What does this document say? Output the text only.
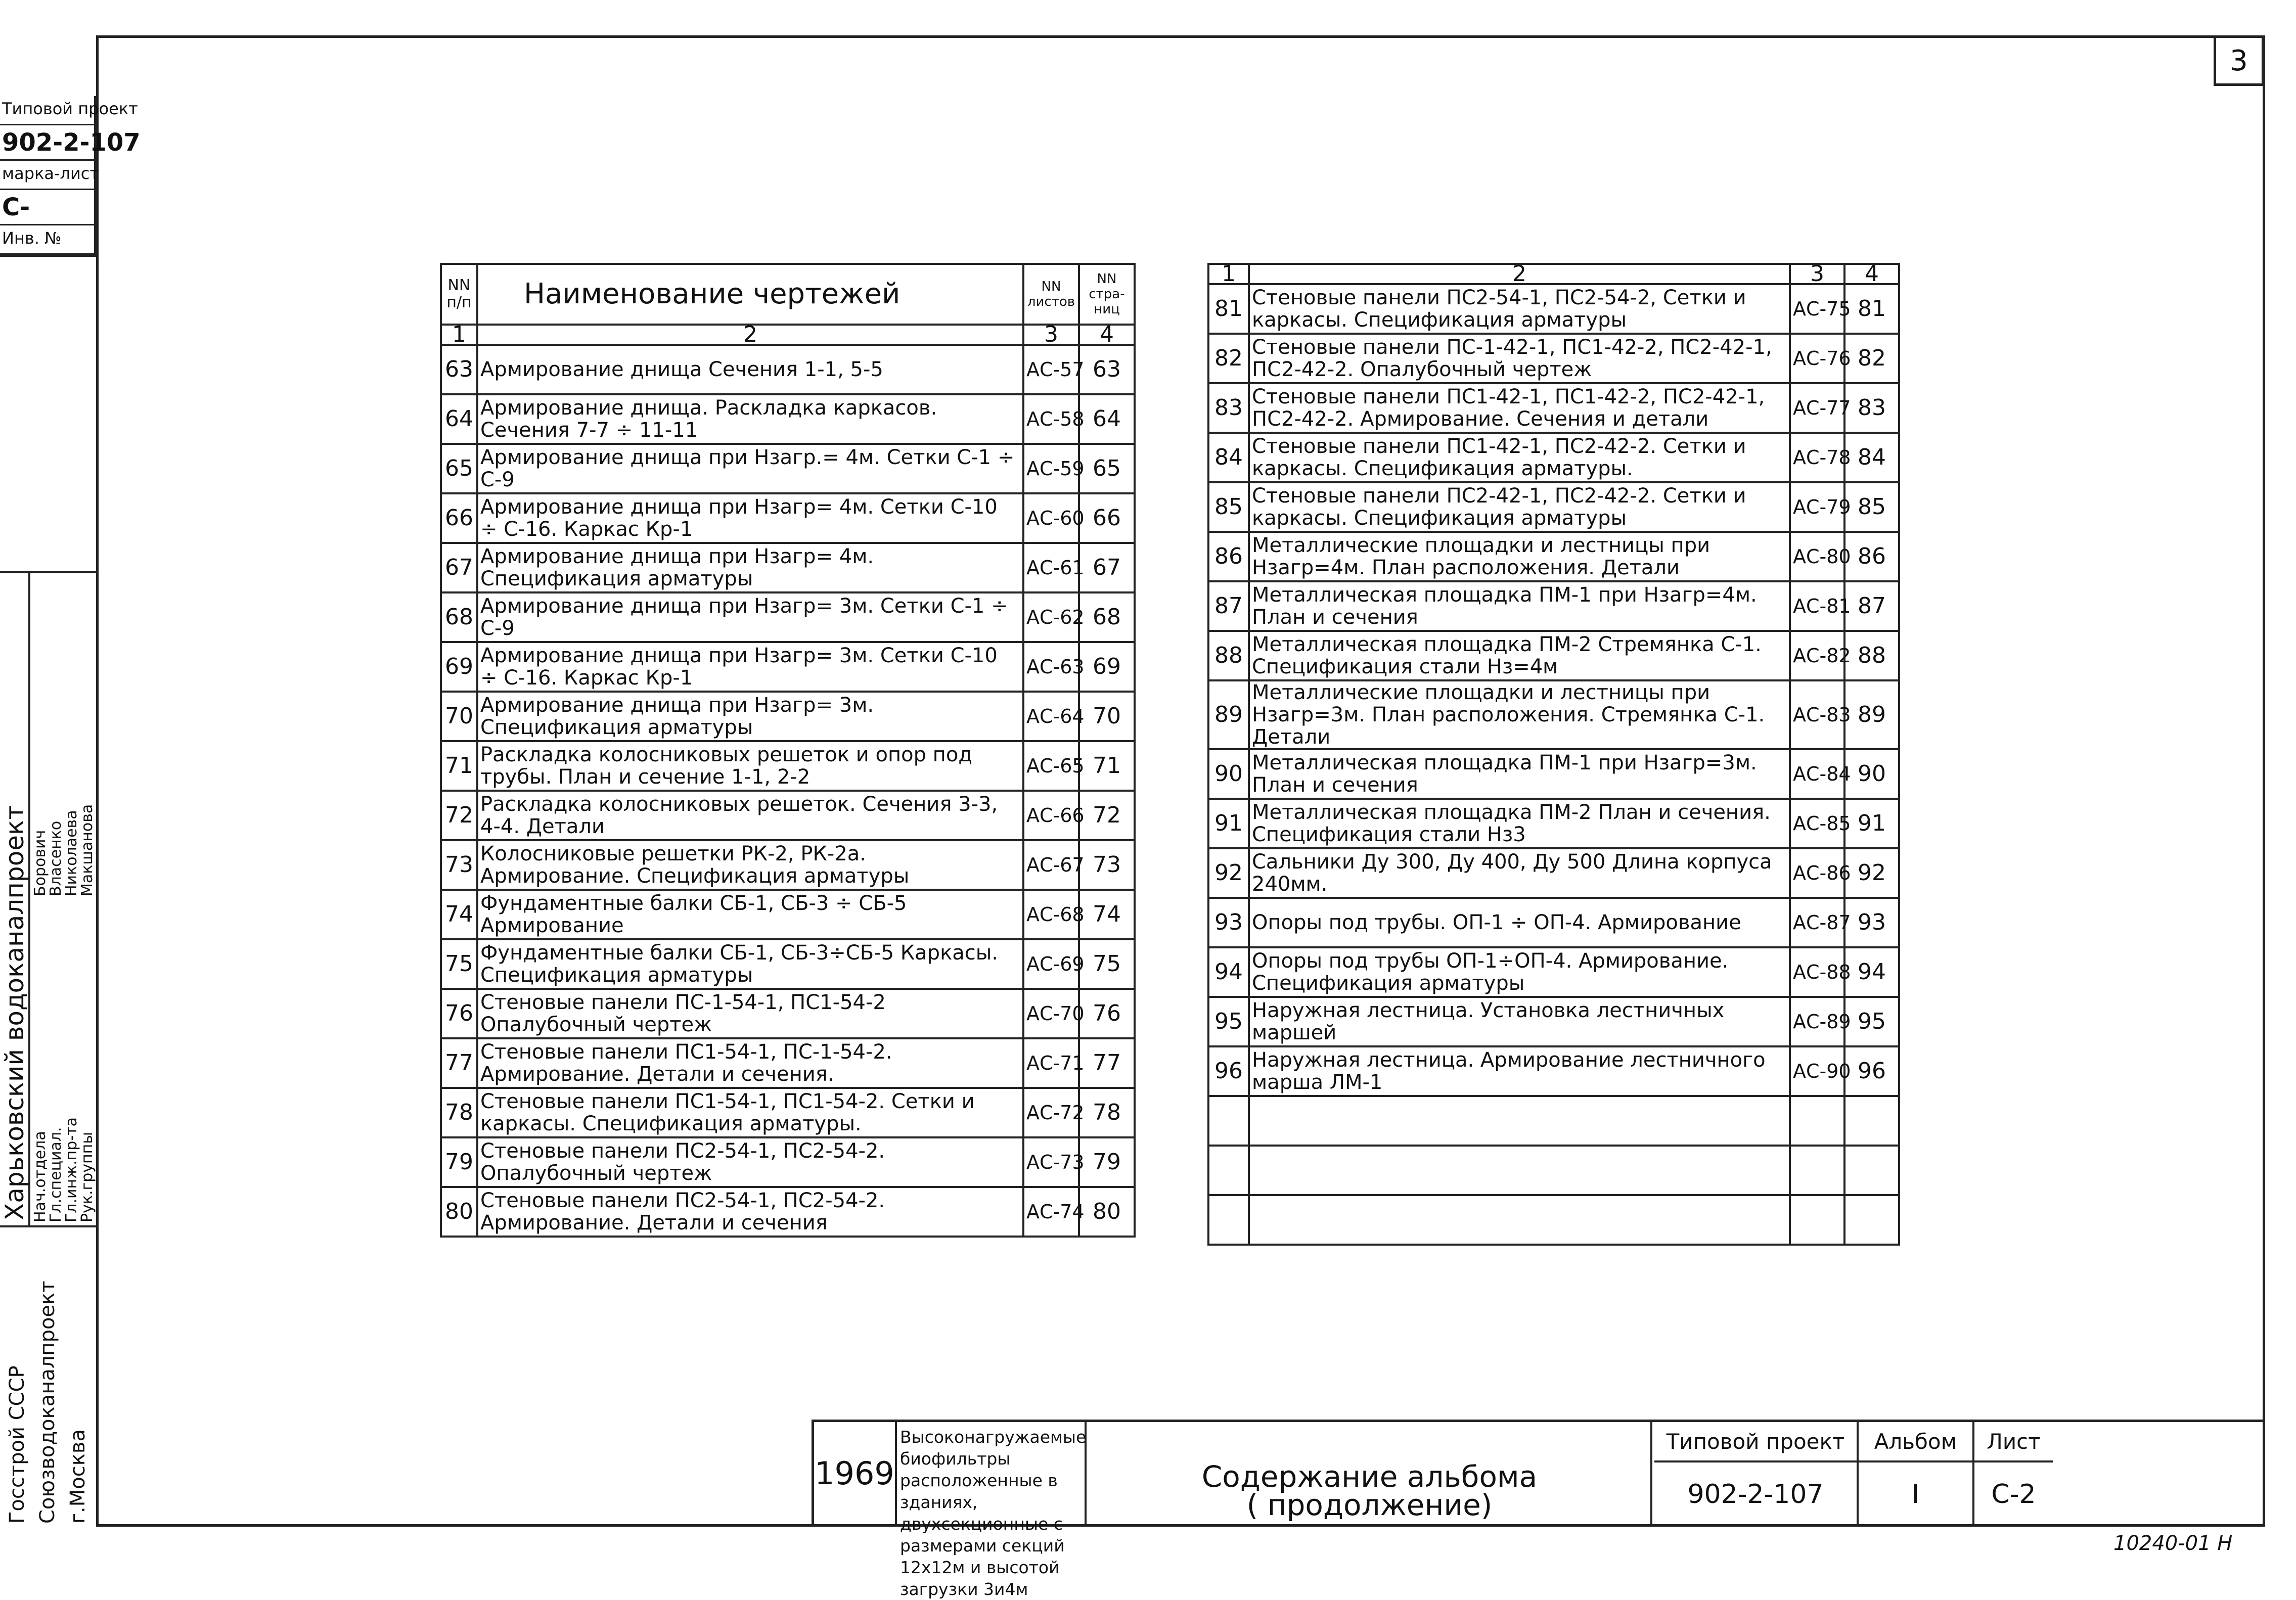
3
Типовой проект
902-2-107
марка-лист
С-
Инв. №
Госстрой СССР Союзводоканалпроект г.Москва
Харьковский водоканалпроект Нач.отдела
Гл.специал.
Гл.инж.пр-та
Рук.группы
Борович
Власенко
Николаева
Макшанова
NN п/п	Наименование чертежей	NN листов	NN стра-ниц
1	2	3	4
63	Армирование днища Сечения 1-1, 5-5	АС-57	63
64	Армирование днища. Раскладка каркасов. Сечения 7-7 ÷ 11-11	АС-58	64
65	Армирование днища при Нзагр.= 4м. Сетки С-1 ÷ С-9	АС-59	65
66	Армирование днища при Нзагр= 4м. Сетки С-10 ÷ С-16. Каркас Кр-1	АС-60	66
67	Армирование днища при Нзагр= 4м. Спецификация арматуры	АС-61	67
68	Армирование днища при Нзагр= 3м. Сетки С-1 ÷ С-9	АС-62	68
69	Армирование днища при Нзагр= 3м. Сетки С-10 ÷ С-16. Каркас Кр-1	АС-63	69
70	Армирование днища при Нзагр= 3м. Спецификация арматуры	АС-64	70
71	Раскладка колосниковых решеток и опор под трубы. План и сечение 1-1, 2-2	АС-65	71
72	Раскладка колосниковых решеток. Сечения 3-3, 4-4. Детали	АС-66	72
73	Колосниковые решетки РК-2, РК-2а. Армирование. Спецификация арматуры	АС-67	73
74	Фундаментные балки СБ-1, СБ-3 ÷ СБ-5 Армирование	АС-68	74
75	Фундаментные балки СБ-1, СБ-3÷СБ-5 Каркасы. Спецификация арматуры	АС-69	75
76	Стеновые панели ПС-1-54-1, ПС1-54-2 Опалубочный чертеж	АС-70	76
77	Стеновые панели ПС1-54-1, ПС-1-54-2. Армирование. Детали и сечения.	АС-71	77
78	Стеновые панели ПС1-54-1, ПС1-54-2. Сетки и каркасы. Спецификация арматуры.	АС-72	78
79	Стеновые панели ПС2-54-1, ПС2-54-2. Опалубочный чертеж	АС-73	79
80	Стеновые панели ПС2-54-1, ПС2-54-2. Армирование. Детали и сечения	АС-74	80
1	2	3	4
81	Стеновые панели ПС2-54-1, ПС2-54-2, Сетки и каркасы. Спецификация арматуры	АС-75	81
82	Стеновые панели ПС-1-42-1, ПС1-42-2, ПС2-42-1, ПС2-42-2. Опалубочный чертеж	АС-76	82
83	Стеновые панели ПС1-42-1, ПС1-42-2, ПС2-42-1, ПС2-42-2. Армирование. Сечения и детали	АС-77	83
84	Стеновые панели ПС1-42-1, ПС2-42-2. Сетки и каркасы. Спецификация арматуры.	АС-78	84
85	Стеновые панели ПС2-42-1, ПС2-42-2. Сетки и каркасы. Спецификация арматуры	АС-79	85
86	Металлические площадки и лестницы при Нзагр=4м. План расположения. Детали	АС-80	86
87	Металлическая площадка ПМ-1 при Нзагр=4м. План и сечения	АС-81	87
88	Металлическая площадка ПМ-2 Стремянка С-1. Спецификация стали Нз=4м	АС-82	88
89	Металлические площадки и лестницы при Нзагр=3м. План расположения. Стремянка С-1. Детали	АС-83	89
90	Металлическая площадка ПМ-1 при Нзагр=3м. План и сечения	АС-84	90
91	Металлическая площадка ПМ-2 План и сечения. Спецификация стали Нз3	АС-85	91
92	Сальники Ду 300, Ду 400, Ду 500 Длина корпуса 240мм.	АС-86	92
93	Опоры под трубы. ОП-1 ÷ ОП-4. Армирование	АС-87	93
94	Опоры под трубы ОП-1÷ОП-4. Армирование. Спецификация арматуры	АС-88	94
95	Наружная лестница. Установка лестничных маршей	АС-89	95
96	Наружная лестница. Армирование лестничного марша ЛМ-1	АС-90	96

1969
Высоконагружаемые биофильтры расположенные в зданиях, двухсекционные с размерами секций 12х12м и высотой загрузки 3и4м
Содержание альбома
( продолжение)
Типовой проект
902-2-107
Альбом
I
Лист
С-2
10240-01 Н
